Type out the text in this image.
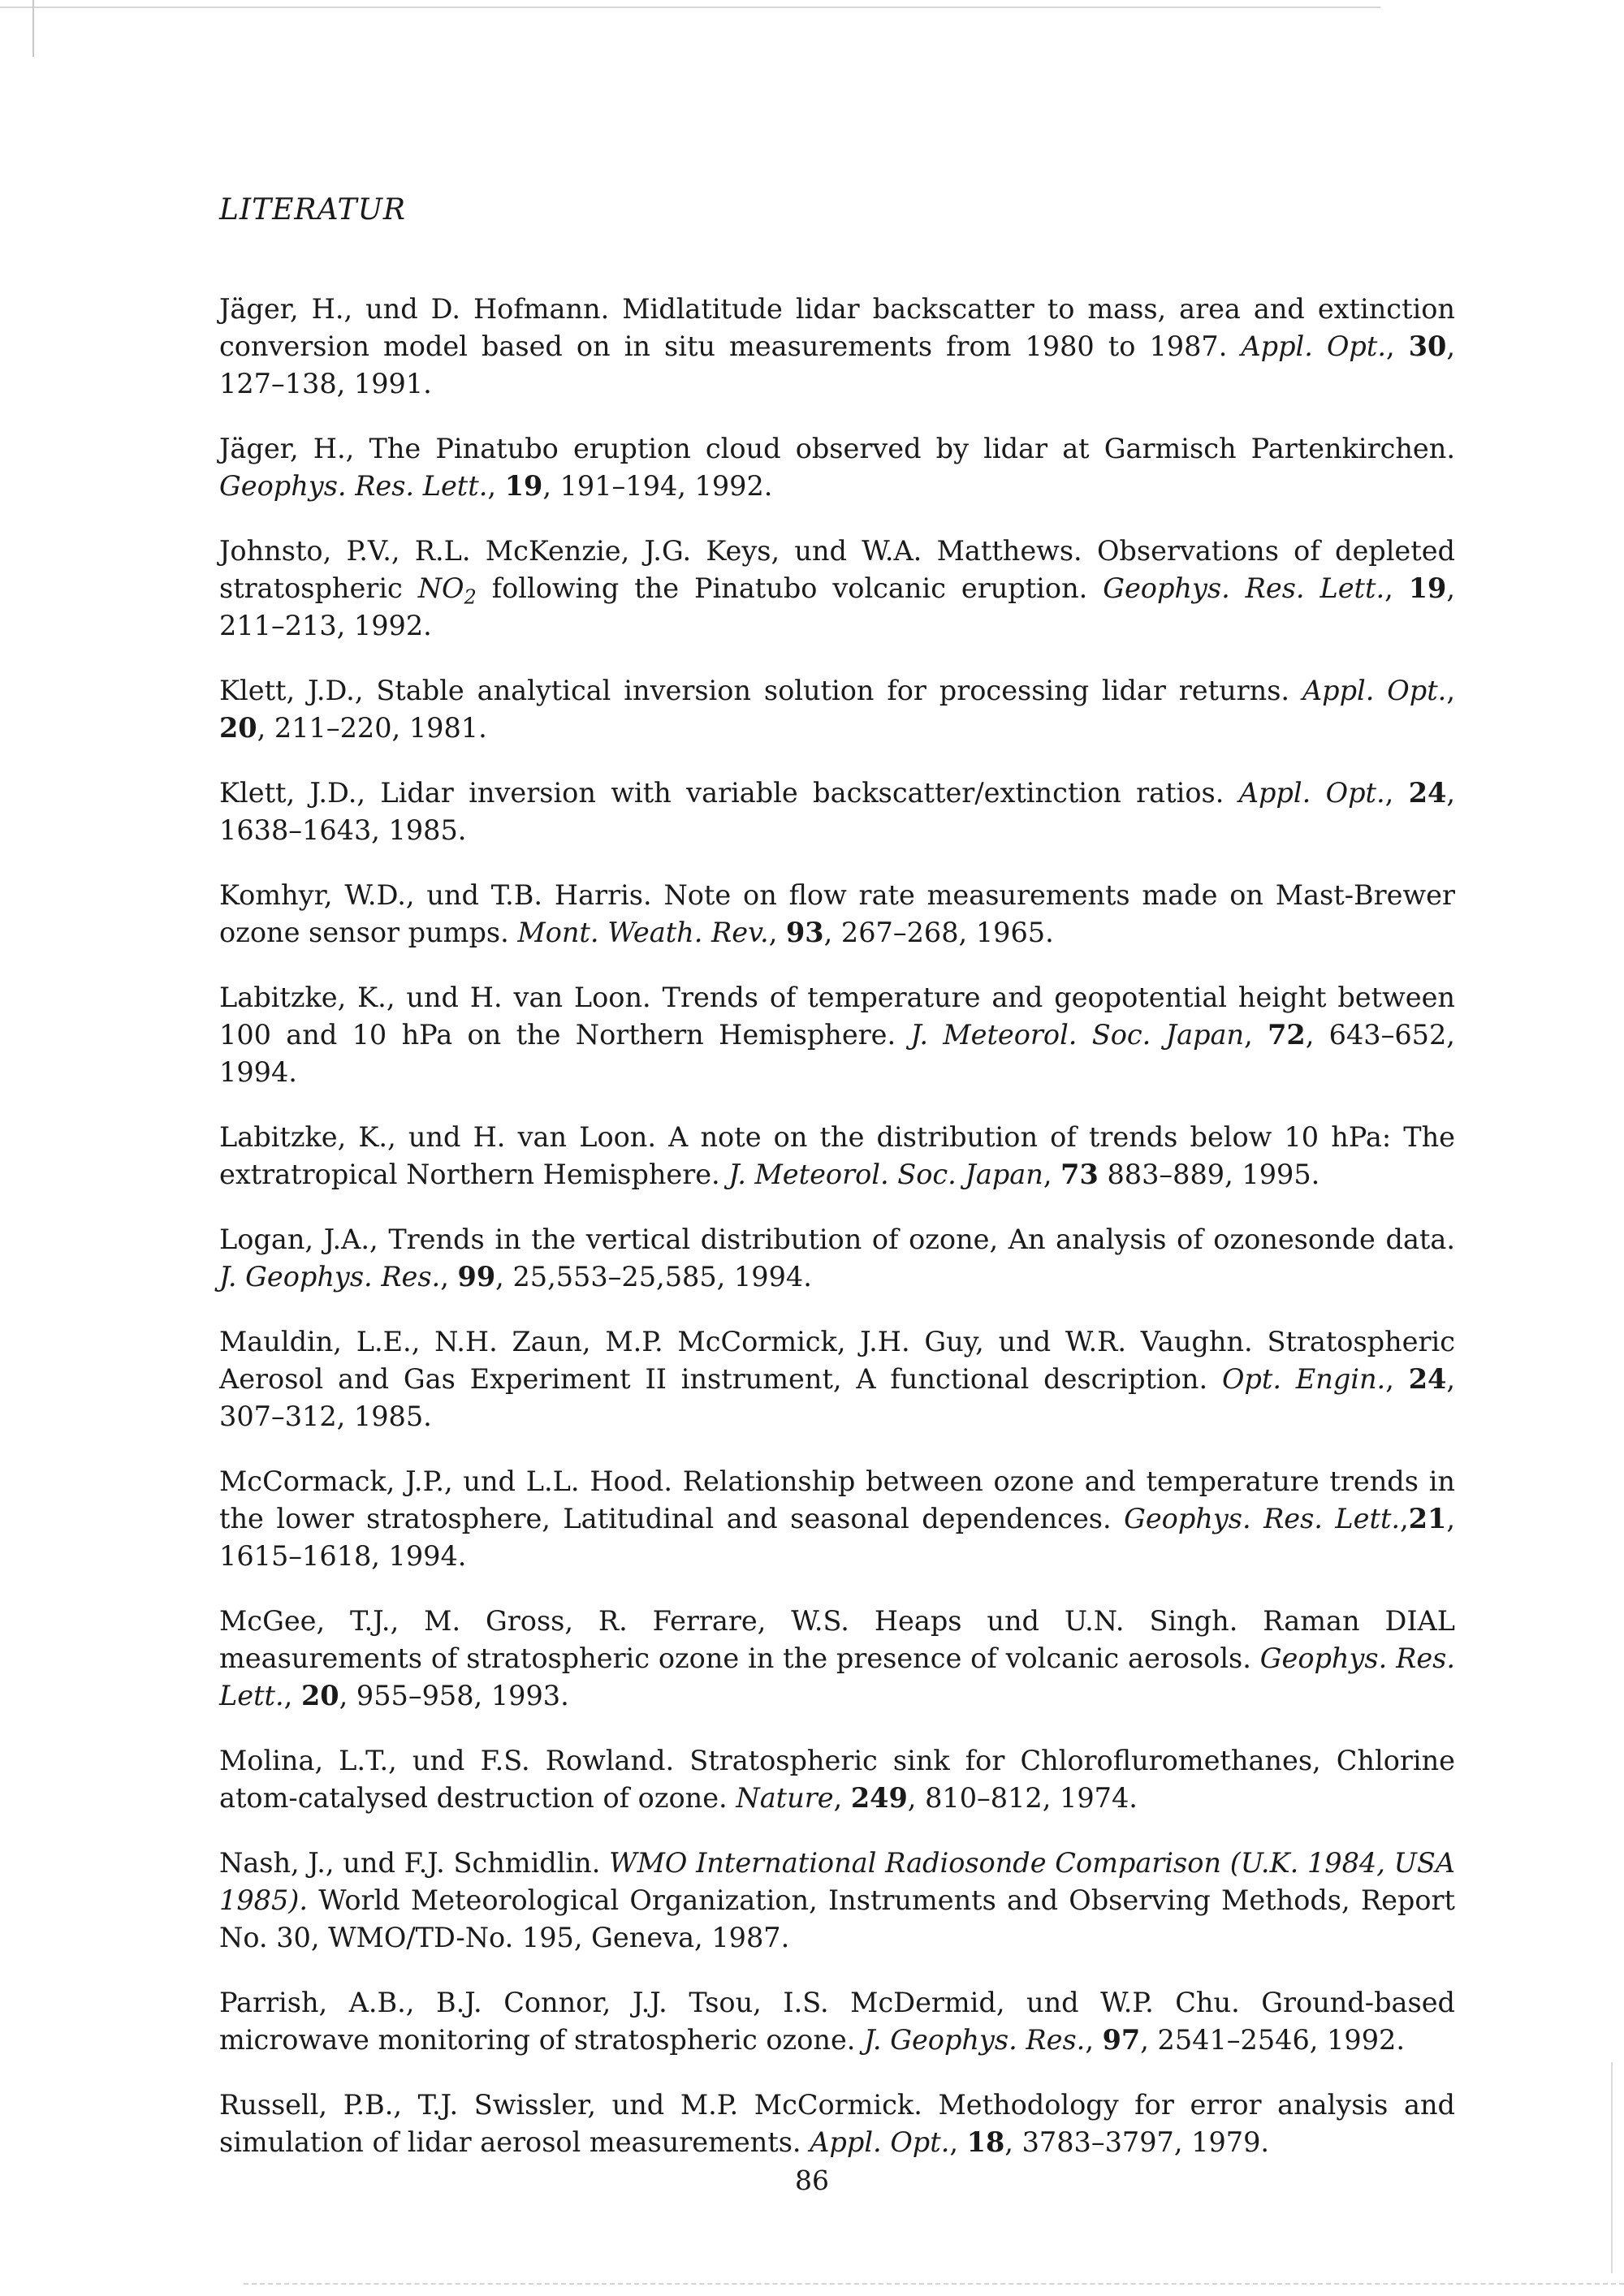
LITERATUR
Jäger, H., und D. Hofmann. Midlatitude lidar backscatter to mass, area and extinction conversion model based on in situ measurements from 1980 to 1987. Appl. Opt., 30, 127–138, 1991.
Jäger, H., The Pinatubo eruption cloud observed by lidar at Garmisch Partenkirchen. Geophys. Res. Lett., 19, 191–194, 1992.
Johnsto, P.V., R.L. McKenzie, J.G. Keys, und W.A. Matthews. Observations of depleted stratospheric $NO_2$ following the Pinatubo volcanic eruption. Geophys. Res. Lett., 19, 211–213, 1992.
Klett, J.D., Stable analytical inversion solution for processing lidar returns. Appl. Opt., 20, 211–220, 1981.
Klett, J.D., Lidar inversion with variable backscatter/extinction ratios. Appl. Opt., 24, 1638–1643, 1985.
Komhyr, W.D., und T.B. Harris. Note on flow rate measurements made on Mast-Brewer ozone sensor pumps. Mont. Weath. Rev., 93, 267–268, 1965.
Labitzke, K., und H. van Loon. Trends of temperature and geopotential height between 100 and 10 hPa on the Northern Hemisphere. J. Meteorol. Soc. Japan, 72, 643–652, 1994.
Labitzke, K., und H. van Loon. A note on the distribution of trends below 10 hPa: The extratropical Northern Hemisphere. J. Meteorol. Soc. Japan, 73 883–889, 1995.
Logan, J.A., Trends in the vertical distribution of ozone, An analysis of ozonesonde data. J. Geophys. Res., 99, 25,553–25,585, 1994.
Mauldin, L.E., N.H. Zaun, M.P. McCormick, J.H. Guy, und W.R. Vaughn. Stratospheric Aerosol and Gas Experiment II instrument, A functional description. Opt. Engin., 24, 307–312, 1985.
McCormack, J.P., und L.L. Hood. Relationship between ozone and temperature trends in the lower stratosphere, Latitudinal and seasonal dependences. Geophys. Res. Lett.,21, 1615–1618, 1994.
McGee, T.J., M. Gross, R. Ferrare, W.S. Heaps und U.N. Singh. Raman DIAL measurements of stratospheric ozone in the presence of volcanic aerosols. Geophys. Res. Lett., 20, 955–958, 1993.
Molina, L.T., und F.S. Rowland. Stratospheric sink for Chlorofluromethanes, Chlorine atom-catalysed destruction of ozone. Nature, 249, 810–812, 1974.
Nash, J., und F.J. Schmidlin. WMO International Radiosonde Comparison (U.K. 1984, USA 1985). World Meteorological Organization, Instruments and Observing Methods, Report No. 30, WMO/TD-No. 195, Geneva, 1987.
Parrish, A.B., B.J. Connor, J.J. Tsou, I.S. McDermid, und W.P. Chu. Ground-based microwave monitoring of stratospheric ozone. J. Geophys. Res., 97, 2541–2546, 1992.
Russell, P.B., T.J. Swissler, und M.P. McCormick. Methodology for error analysis and simulation of lidar aerosol measurements. Appl. Opt., 18, 3783–3797, 1979.

86
